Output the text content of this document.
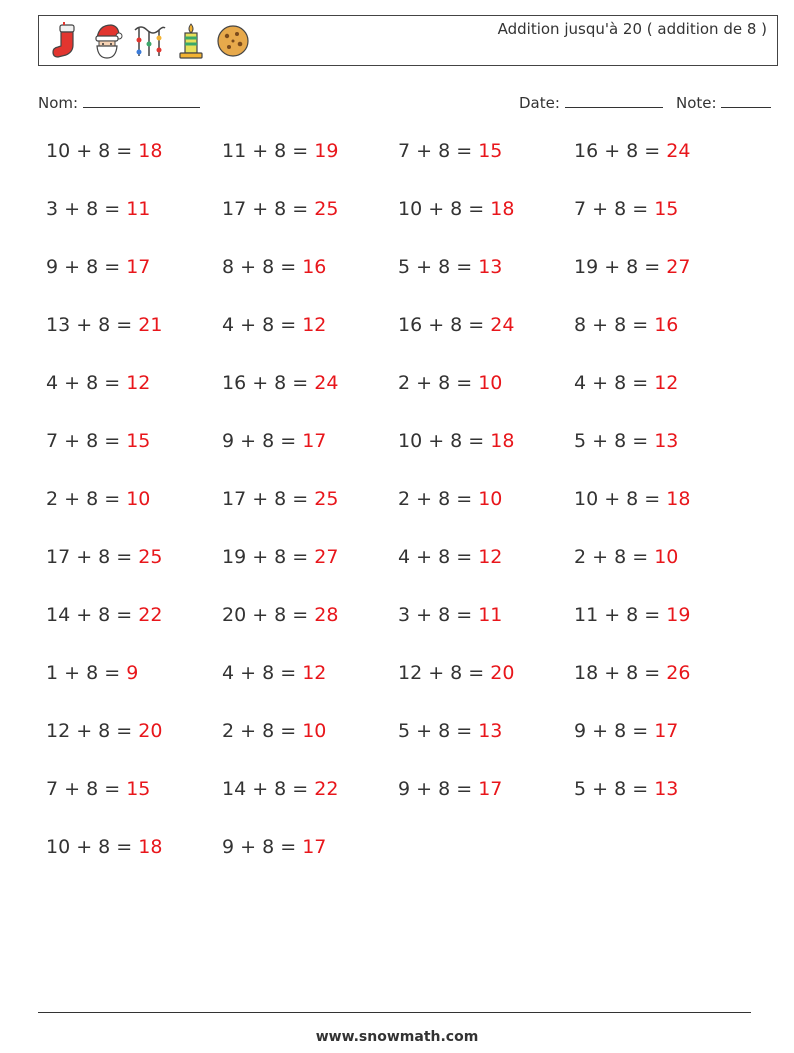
Addition jusqu'à 20 ( addition de 8 )
Nom:	Date:	Note:
10 + 8 = 18	11 + 8 = 19	7 + 8 = 15	16 + 8 = 24
3 + 8 = 11	17 + 8 = 25	10 + 8 = 18	7 + 8 = 15
9 + 8 = 17	8 + 8 = 16	5 + 8 = 13	19 + 8 = 27
13 + 8 = 21	4 + 8 = 12	16 + 8 = 24	8 + 8 = 16
4 + 8 = 12	16 + 8 = 24	2 + 8 = 10	4 + 8 = 12
7 + 8 = 15	9 + 8 = 17	10 + 8 = 18	5 + 8 = 13
2 + 8 = 10	17 + 8 = 25	2 + 8 = 10	10 + 8 = 18
17 + 8 = 25	19 + 8 = 27	4 + 8 = 12	2 + 8 = 10
14 + 8 = 22	20 + 8 = 28	3 + 8 = 11	11 + 8 = 19
1 + 8 = 9	4 + 8 = 12	12 + 8 = 20	18 + 8 = 26
12 + 8 = 20	2 + 8 = 10	5 + 8 = 13	9 + 8 = 17
7 + 8 = 15	14 + 8 = 22	9 + 8 = 17	5 + 8 = 13
10 + 8 = 18	9 + 8 = 17
www.snowmath.com
